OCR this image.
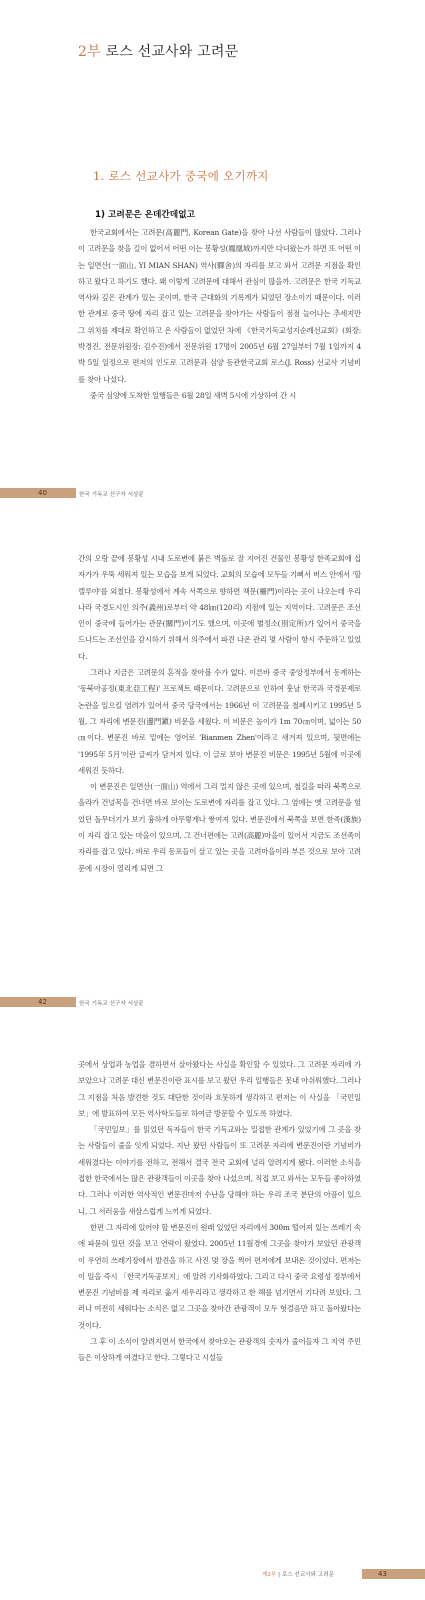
2부 로스 선교사와 고려문
1. 로스 선교사가 중국에 오기까지
1) 고려문은 온데간데없고

한국교회에서는 고려문(高麗門, Korean Gate)을 찾아 나선 사람들이 많았다. 그러나 이 고려문을 찾을 길이 없어서 어떤 이는 봉황성(鳳凰城)까지만 다녀왔는가 하면 또 어떤 이는 일면산(一面山, YI MIAN SHAN) 역사(驛舍)의 자리를 보고 와서 고려문 지점을 확인하고 왔다고 하기도 했다. 왜 이렇게 고려문에 대해서 관심이 많을까. 고려문은 한국 기독교역사와 깊은 관계가 있는 곳이며, 한국 근대화의 기록계가 되었던 장소이기 때문이다. 이러한 관계로 중국 땅에 자리 잡고 있는 고려문을 찾아가는 사람들이 점점 늘어나는 추세지만 그 위치를 제대로 확인하고 온 사람들이 없었던 차에 《한국기독교성지순례선교회》(회장: 박경진, 전문위원장: 김수진)에서 전문위원 17명이 2005년 6월 27일부터 7월 1일까지 4박 5일 일정으로 편저의 인도로 고려문과 심양 동관한국교회 로스(J. Ross) 선교사 기념비를 찾아 나섰다.

중국 심양에 도착한 일행들은 6월 28일 새벽 5시에 기상하여 간 시

40	한국 기독교 선구자 서상륜

간의 오랑 끝에 봉황성 시내 도로변에 붉은 벽돌로 잘 지어진 건물인 봉황성 한족교회에 십자가가 우뚝 세워져 있는 모습을 보게 되었다. 교회의 모습에 모두들 기뻐서 버스 안에서 '할렐루야'를 외쳤다. 봉황성에서 계속 서쪽으로 향하면 책문(柵門)이라는 곳이 나오는데 우리나라 국경도시인 의주(義州)로부터 약 48㎞(120리) 지점에 있는 지역이다. 고려문은 조선인이 중국에 들어가는 관문(關門)이기도 했으며, 이곳에 별정소(別定所)가 있어서 중국을 드나드는 조선인을 감시하기 위해서 의주에서 파견 나온 관리 몇 사람이 항시 주둔하고 있었다.

그러나 지금은 고려문의 흔적을 찾아볼 수가 없다. 이른바 중국 중앙정부에서 동계하는 '동북아공정(東北亞工程)' 프로젝트 때문이다. 고려문으로 인하여 훗날 한국과 국경문제로 논란을 일으킬 염려가 있어서 중국 당국에서는 1966년 이 고려문을 철폐시키고 1995년 5월, 그 자리에 변문진(邊門鎭) 비문을 세웠다. 이 비문은 높이가 1m 70㎝이며, 넓이는 50㎝이다. 변문진 바로 밑에는 영어로 'Bianmen Zhen'이라고 새겨져 있으며, 뒷면에는 '1995年 5月'이란 글씨가 담겨져 있다. 이 글로 보아 변문진 비문은 1995년 5월에 이곳에 세워진 듯하다.

이 변문진은 일면산(一面山) 역에서 그리 멀지 않은 곳에 있으며, 철길을 따라 북쪽으로 올라가 건널목을 건너면 바로 보이는 도로변에 자리를 잡고 있다. 그 옆에는 옛 고려문을 헐었던 돌무더기가 보기 흉하게 아무렇게나 쌓여져 있다. 변문진에서 북쪽을 보면 한족(漢族)이 자리 잡고 있는 마을이 있으며, 그 건너편에는 고려(高麗)마을이 있어서 지금도 조선족이 자리를 잡고 있다. 바로 우리 동포들이 살고 있는 곳을 고려마을이라 부른 것으로 보아 고려문에 시장이 열리게 되면 그

42	한국 기독교 선구자 서상륜

곳에서 상업과 농업을 겸하면서 살아왔다는 사실을 확인할 수 있었다. 그 고려문 자리에 가보았으나 고려문 대신 변문진이란 표시를 보고 왔던 우리 일행들은 못내 아쉬워했다. 그러나 그 지점을 처음 발견한 것도 대단한 것이라 흐뭇하게 생각하고 편저는 이 사실을 「국민일보」에 발표하여 모든 역사학도들로 하여금 방문할 수 있도록 하였다.

「국민일보」를 읽었던 독자들이 한국 기독교와는 밀접한 관계가 있었기에 그 곳을 찾는 사람들이 줄을 잇게 되었다. 지난 왔던 사람들이 또 고려문 자리에 변문진이란 기념비가 세워졌다는 이야기를 전하고, 전해서 결국 전국 교회에 널리 알려지게 됐다. 이러한 소식을 접한 한국에서는 많은 관광객들이 이곳을 찾아 나섰으며, 직접 보고 와서는 모두들 좋아하였다. 그러나 이러한 역사적인 변문진마저 수난을 당해야 하는 우리 조국 분단의 아픔이 있으니, 그 서러움을 새삼스럽게 느끼게 되었다.

한편 그 자리에 있어야 할 변문진이 원래 있었던 자리에서 300m 떨어져 있는 쓰레기 속에 파묻혀 있던 것을 보고 연락이 왔었다. 2005년 11월경에 그곳을 찾아가 보았던 관광객이 우연히 쓰레기장에서 발견을 하고 사진 몇 장을 찍어 편저에게 보내온 것이었다. 편저는 이 일을 즉시 「한국기독공보지」에 알려 기사화하였다. 그리고 다시 중국 요령성 정부에서 변문진 기념비를 제 자리로 옮겨 세우리라고 생각하고 한 해를 넘기면서 기다려 보았다. 그러나 여전히 세워다는 소식은 없고 그곳을 찾아간 관광객이 모두 헛걸음만 하고 돌아왔다는 것이다.

그 후 이 소식이 알려지면서 한국에서 찾아오는 관광객의 숫자가 줄어들자 그 지역 주민들은 이상하게 여겼다고 한다. 그렇다고 시설들

제2부 | 로스 선교사와 고려문	43
